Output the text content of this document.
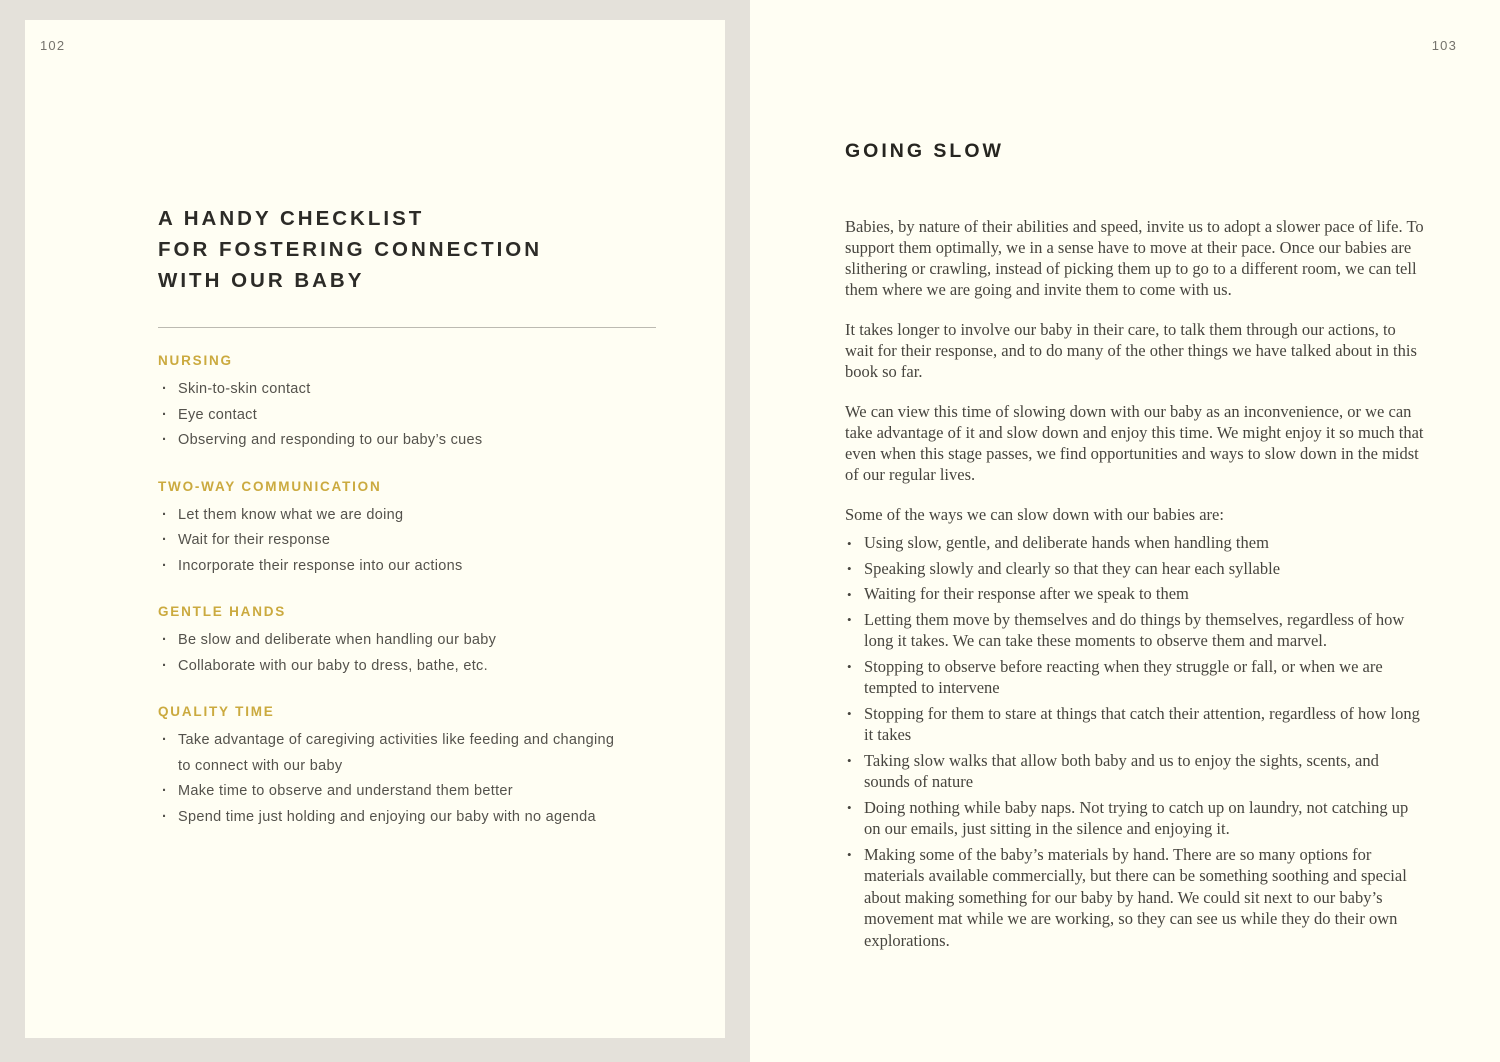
102
A HANDY CHECKLIST
FOR FOSTERING CONNECTION
WITH OUR BABY
NURSING
· Skin-to-skin contact
· Eye contact
· Observing and responding to our baby’s cues
TWO-WAY COMMUNICATION
· Let them know what we are doing
· Wait for their response
· Incorporate their response into our actions
GENTLE HANDS
· Be slow and deliberate when handling our baby
· Collaborate with our baby to dress, bathe, etc.
QUALITY TIME
· Take advantage of caregiving activities like feeding and changing to connect with our baby
· Make time to observe and understand them better
· Spend time just holding and enjoying our baby with no agenda
103
GOING SLOW

Babies, by nature of their abilities and speed, invite us to adopt a slower pace of life. To support them optimally, we in a sense have to move at their pace. Once our babies are slithering or crawling, instead of picking them up to go to a different room, we can tell them where we are going and invite them to come with us.

It takes longer to involve our baby in their care, to talk them through our actions, to wait for their response, and to do many of the other things we have talked about in this book so far.

We can view this time of slowing down with our baby as an inconvenience, or we can take advantage of it and slow down and enjoy this time. We might enjoy it so much that even when this stage passes, we find opportunities and ways to slow down in the midst of our regular lives.

Some of the ways we can slow down with our babies are:

• Using slow, gentle, and deliberate hands when handling them
• Speaking slowly and clearly so that they can hear each syllable
• Waiting for their response after we speak to them
• Letting them move by themselves and do things by themselves, regardless of how long it takes. We can take these moments to observe them and marvel.
• Stopping to observe before reacting when they struggle or fall, or when we are tempted to intervene
• Stopping for them to stare at things that catch their attention, regardless of how long it takes
• Taking slow walks that allow both baby and us to enjoy the sights, scents, and sounds of nature
• Doing nothing while baby naps. Not trying to catch up on laundry, not catching up on our emails, just sitting in the silence and enjoying it.
• Making some of the baby’s materials by hand. There are so many options for materials available commercially, but there can be something soothing and special about making something for our baby by hand. We could sit next to our baby’s movement mat while we are working, so they can see us while they do their own explorations.
